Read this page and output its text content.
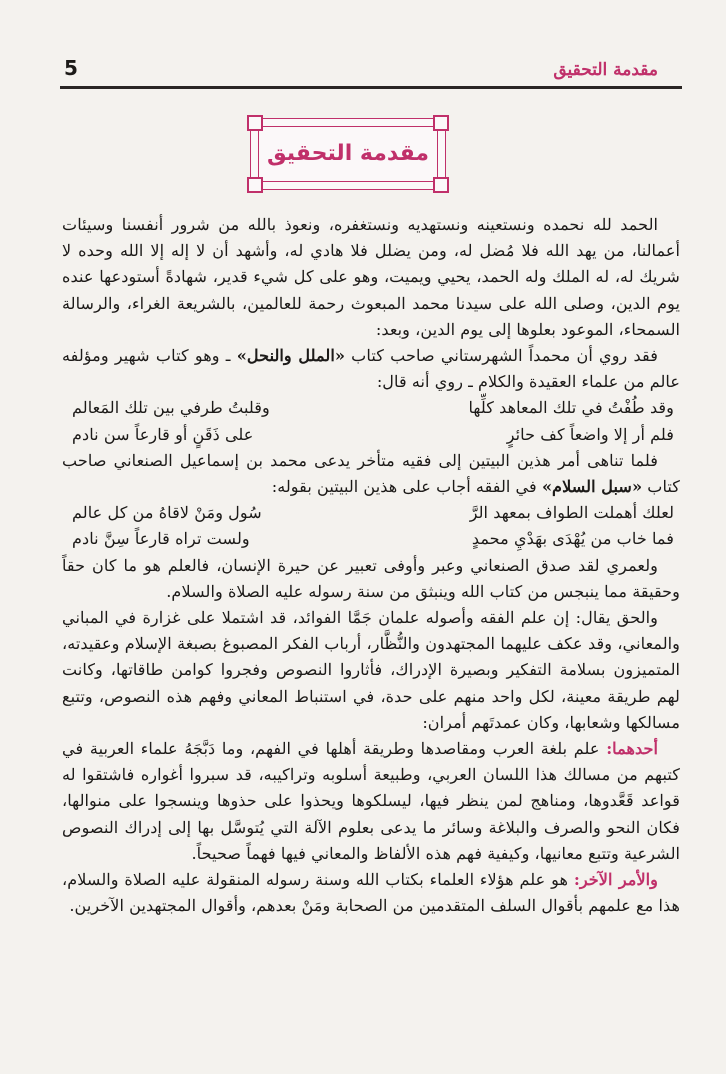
5	مقدمة التحقيق
مقدمة التحقيق

الحمد لله نحمده ونستعينه ونستهديه ونستغفره، ونعوذ بالله من شرور أنفسنا وسيئات أعمالنا، من يهد الله فلا مُضل له، ومن يضلل فلا هادي له، وأشهد أن لا إله إلا الله وحده لا شريك له، له الملك وله الحمد، يحيي ويميت، وهو على كل شيء قدير، شهادةً أستودعها عنده يوم الدين، وصلى الله على سيدنا محمد المبعوث رحمة للعالمين، بالشريعة الغراء، والرسالة السمحاء، الموعود بعلوها إلى يوم الدين، وبعد:

فقد روي أن محمداً الشهرستاني صاحب كتاب «الملل والنحل» ـ وهو كتاب شهير ومؤلفه عالم من علماء العقيدة والكلام ـ روي أنه قال:

وقد طُفْتُ في تلك المعاهد كلِّها
وقلبتُ طرفي بين تلك المَعالم
فلم أر إلا واضعاً كف حائرٍ
على ذَقَنٍ أو قارعاً سن نادم

فلما تناهى أمر هذين البيتين إلى فقيه متأخر يدعى محمد بن إسماعيل الصنعاني صاحب كتاب «سبل السلام» في الفقه أجاب على هذين البيتين بقوله:

لعلك أهملت الطواف بمعهد الرَّ
سُول ومَنْ لاقاهُ من كل عالم
فما خاب من يُهْدَى بهَدْيِ محمدٍ
ولست تراه قارعاً سِنَّ نادم

ولعمري لقد صدق الصنعاني وعبر وأوفى تعبير عن حيرة الإنسان، فالعلم هو ما كان حقاً وحقيقة مما ينبجس من كتاب الله وينبثق من سنة رسوله عليه الصلاة والسلام.

والحق يقال: إن علم الفقه وأصوله علمان جَمَّا الفوائد، قد اشتملا على غزارة في المباني والمعاني، وقد عكف عليهما المجتهدون والنُّظَّار، أرباب الفكر المصبوغ بصبغة الإسلام وعقيدته، المتميزون بسلامة التفكير وبصيرة الإدراك، فأثاروا النصوص وفجروا كوامن طاقاتها، وكانت لهم طريقة معينة، لكل واحد منهم على حدة، في استنباط المعاني وفهم هذه النصوص، وتتبع مسالكها وشعابها، وكان عمدتَهم أمران:

أحدهما: علم بلغة العرب ومقاصدها وطريقة أهلها في الفهم، وما دَبَّجَهُ علماء العربية في كتبهم من مسالك هذا اللسان العربي، وطبيعة أسلوبه وتراكيبه، قد سبروا أغواره فاشتقوا له قواعد قَعَّدوها، ومناهج لمن ينظر فيها، ليسلكوها ويحذوا على حذوها وينسجوا على منوالها، فكان النحو والصرف والبلاغة وسائر ما يدعى بعلوم الآلة التي يُتوسَّل بها إلى إدراك النصوص الشرعية وتتبع معانيها، وكيفية فهم هذه الألفاظ والمعاني فيها فهماً صحيحاً.

والأمر الآخر: هو علم هؤلاء العلماء بكتاب الله وسنة رسوله المنقولة عليه الصلاة والسلام، هذا مع علمهم بأقوال السلف المتقدمين من الصحابة ومَنْ بعدهم، وأقوال المجتهدين الآخرين.
